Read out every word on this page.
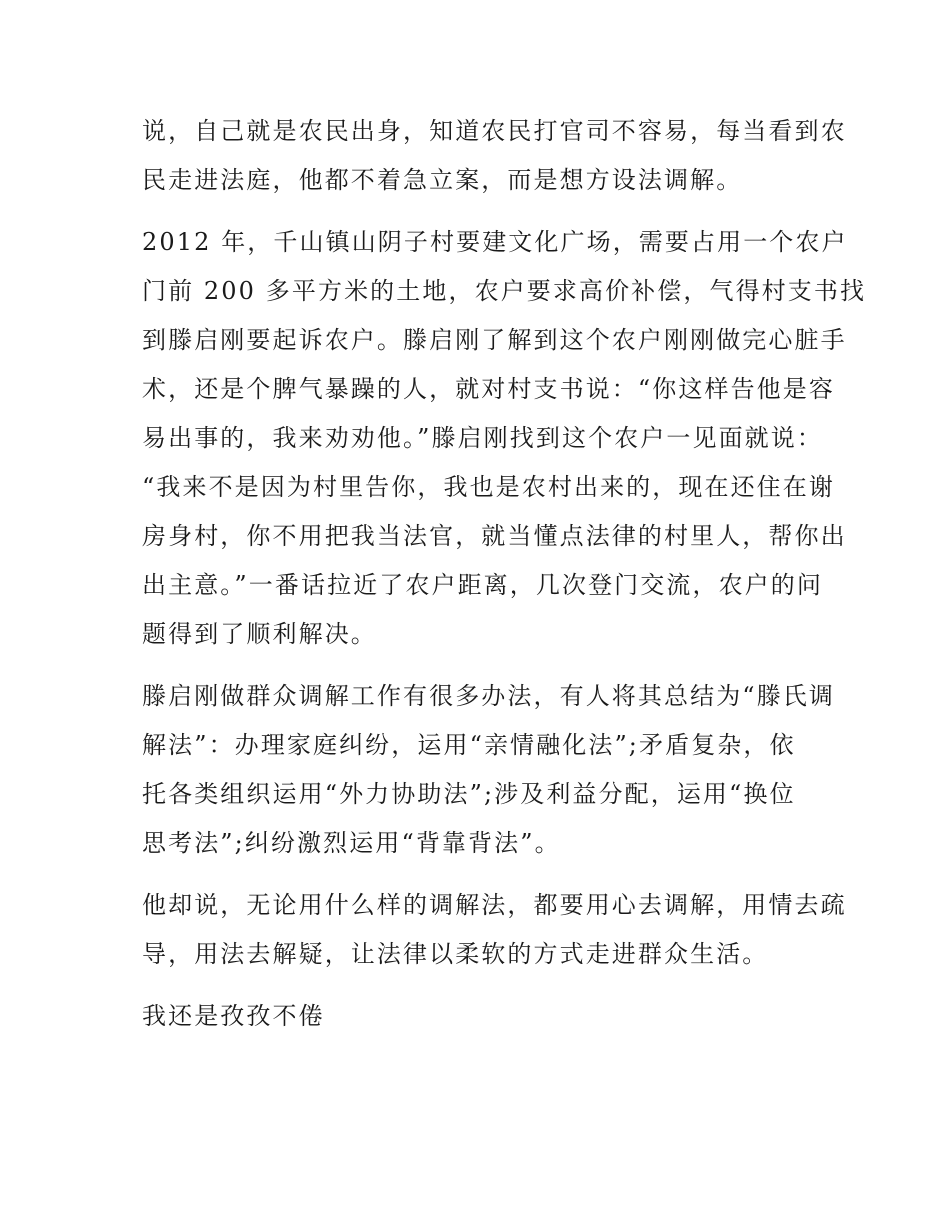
说，自己就是农民出身，知道农民打官司不容易，每当看到农
民走进法庭，他都不着急立案，而是想方设法调解。
2012 年，千山镇山阴子村要建文化广场，需要占用一个农户
门前 200 多平方米的土地，农户要求高价补偿，气得村支书找
到滕启刚要起诉农户。滕启刚了解到这个农户刚刚做完心脏手
术，还是个脾气暴躁的人，就对村支书说：“你这样告他是容
易出事的，我来劝劝他。”滕启刚找到这个农户一见面就说：
“我来不是因为村里告你，我也是农村出来的，现在还住在谢
房身村，你不用把我当法官，就当懂点法律的村里人，帮你出
出主意。”一番话拉近了农户距离，几次登门交流，农户的问
题得到了顺利解决。
滕启刚做群众调解工作有很多办法，有人将其总结为“滕氏调
解法”：办理家庭纠纷，运用“亲情融化法”;矛盾复杂，依
托各类组织运用“外力协助法”;涉及利益分配，运用“换位
思考法”;纠纷激烈运用“背靠背法”。
他却说，无论用什么样的调解法，都要用心去调解，用情去疏
导，用法去解疑，让法律以柔软的方式走进群众生活。
我还是孜孜不倦
